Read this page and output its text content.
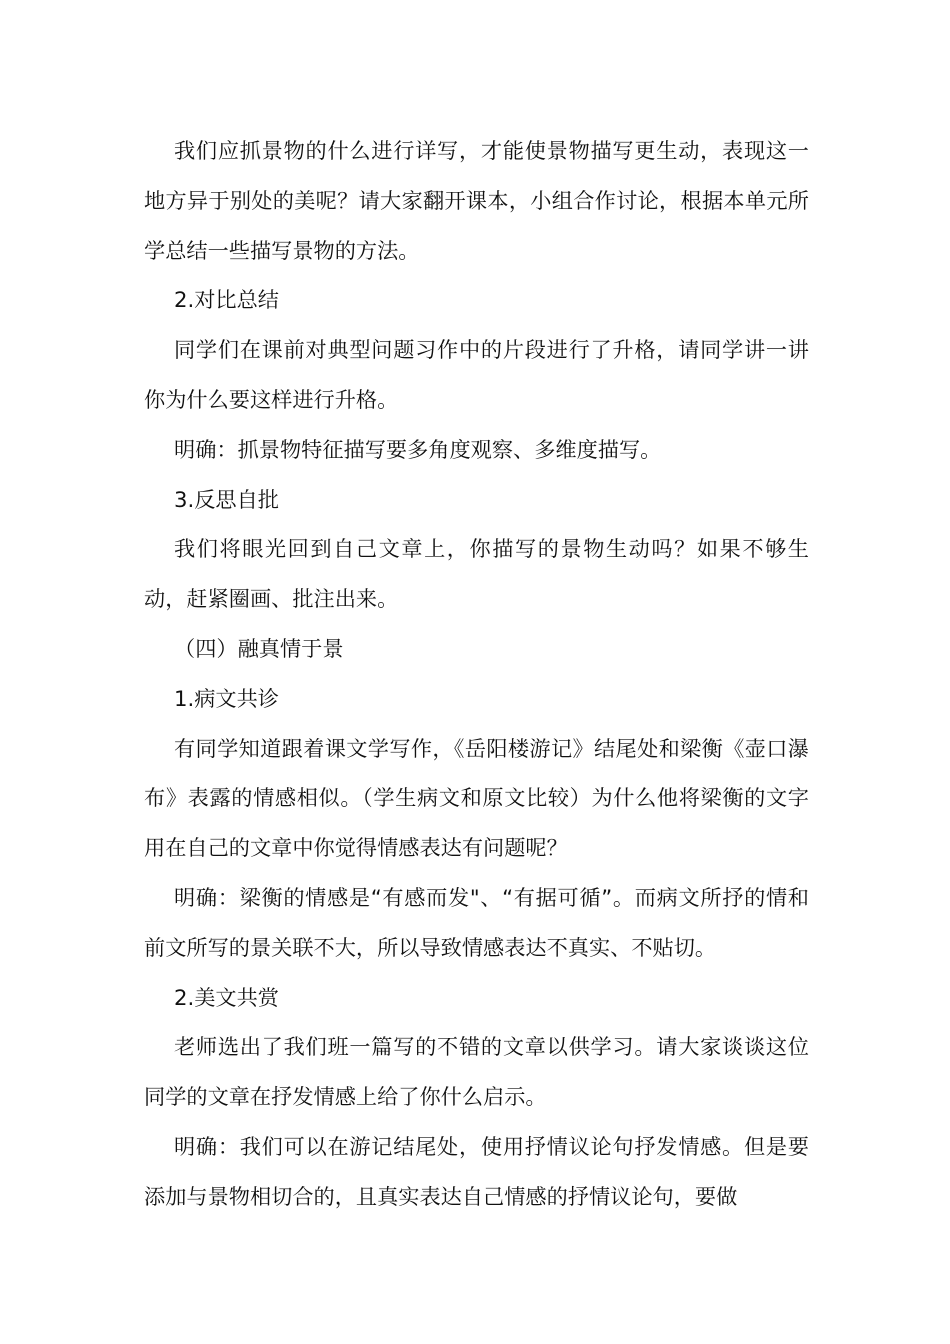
我们应抓景物的什么进行详写，才能使景物描写更生动，表现这一地方异于别处的美呢？请大家翻开课本，小组合作讨论，根据本单元所学总结一些描写景物的方法。

2.对比总结

同学们在课前对典型问题习作中的片段进行了升格，请同学讲一讲你为什么要这样进行升格。

明确：抓景物特征描写要多角度观察、多维度描写。

3.反思自批

我们将眼光回到自己文章上，你描写的景物生动吗？如果不够生动，赶紧圈画、批注出来。

（四）融真情于景

1.病文共诊

有同学知道跟着课文学写作，《岳阳楼游记》结尾处和梁衡《壶口瀑布》表露的情感相似。（学生病文和原文比较）为什么他将梁衡的文字用在自己的文章中你觉得情感表达有问题呢？

明确：梁衡的情感是“有感而发"、“有据可循”。而病文所抒的情和前文所写的景关联不大，所以导致情感表达不真实、不贴切。

2.美文共赏

老师选出了我们班一篇写的不错的文章以供学习。请大家谈谈这位同学的文章在抒发情感上给了你什么启示。

明确：我们可以在游记结尾处，使用抒情议论句抒发情感。但是要添加与景物相切合的，且真实表达自己情感的抒情议论句，要做
